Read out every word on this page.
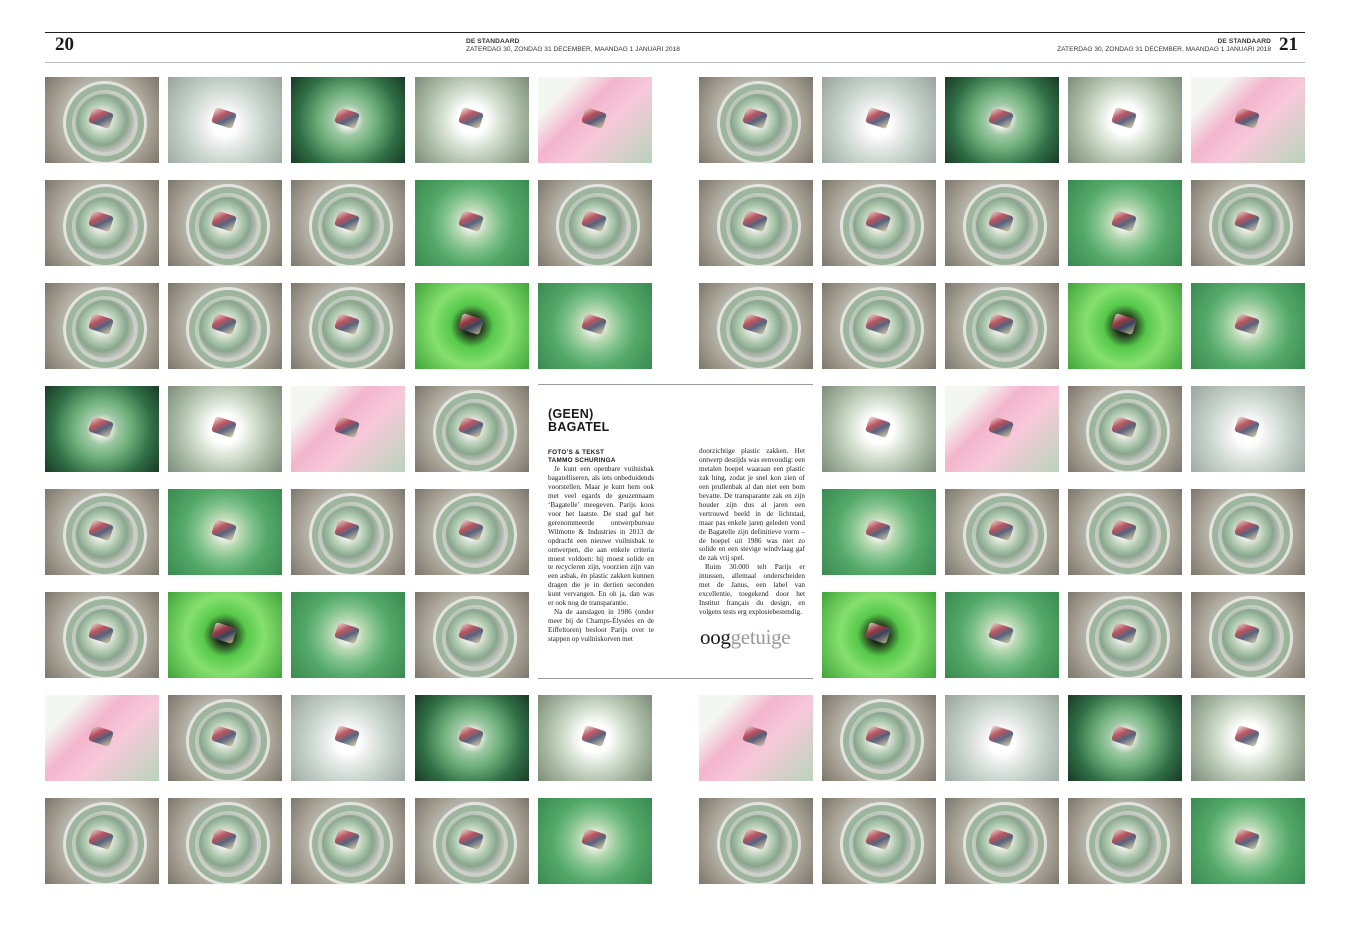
20	DE STANDAARD
ZATERDAG 30, ZONDAG 31 DECEMBER, MAANDAG 1 JANUARI 2018
DE STANDAARD
ZATERDAG 30, ZONDAG 31 DECEMBER, MAANDAG 1 JANUARI 2018 21
(GEEN)
BAGATEL
FOTO’S & TEKST
TAMMO SCHURINGA

Je kunt een openbare vuilnisbak bagatelliseren, als iets onbeduidends voorstellen. Maar je kunt hem ook met veel egards de geuzennaam ‘Bagatelle’ meegeven. Parijs koos voor het laatste. De stad gaf het gerenommeerde ontwerpbureau Wilmotte & Industries in 2013 de opdracht een nieuwe vuilnisbak te ontwerpen, die aan enkele criteria moest voldoen: hij moest solide en te recycleren zijn, voorzien zijn van een asbak, én plastic zakken kunnen dragen die je in dertien seconden kunt vervangen. En oh ja, dan was er ook nog de transparantie.

Na de aanslagen in 1986 (onder meer bij de Champs-Élysées en de Eiffeltoren) besloot Parijs over te stappen op vuilniskorven met

doorzichtige plastic zakken. Het ontwerp destijds was eenvoudig: een metalen hoepel waaraan een plastic zak hing, zodat je snel kon zien of een prullenbak al dan niet een bom bevatte. De transparante zak en zijn houder zijn dus al jaren een vertrouwd beeld in de lichtstad, maar pas enkele jaren geleden vond de Bagatelle zijn definitieve vorm – de hoepel uit 1986 was niet zo solide en een stevige windvlaag gaf de zak vrij spel.

Ruim 30.000 telt Parijs er intussen, allemaal onderscheiden met de Janus, een label van excellentie, toegekend door het Institut français du design, en volgens tests erg explosiebestendig.

ooggetuige
